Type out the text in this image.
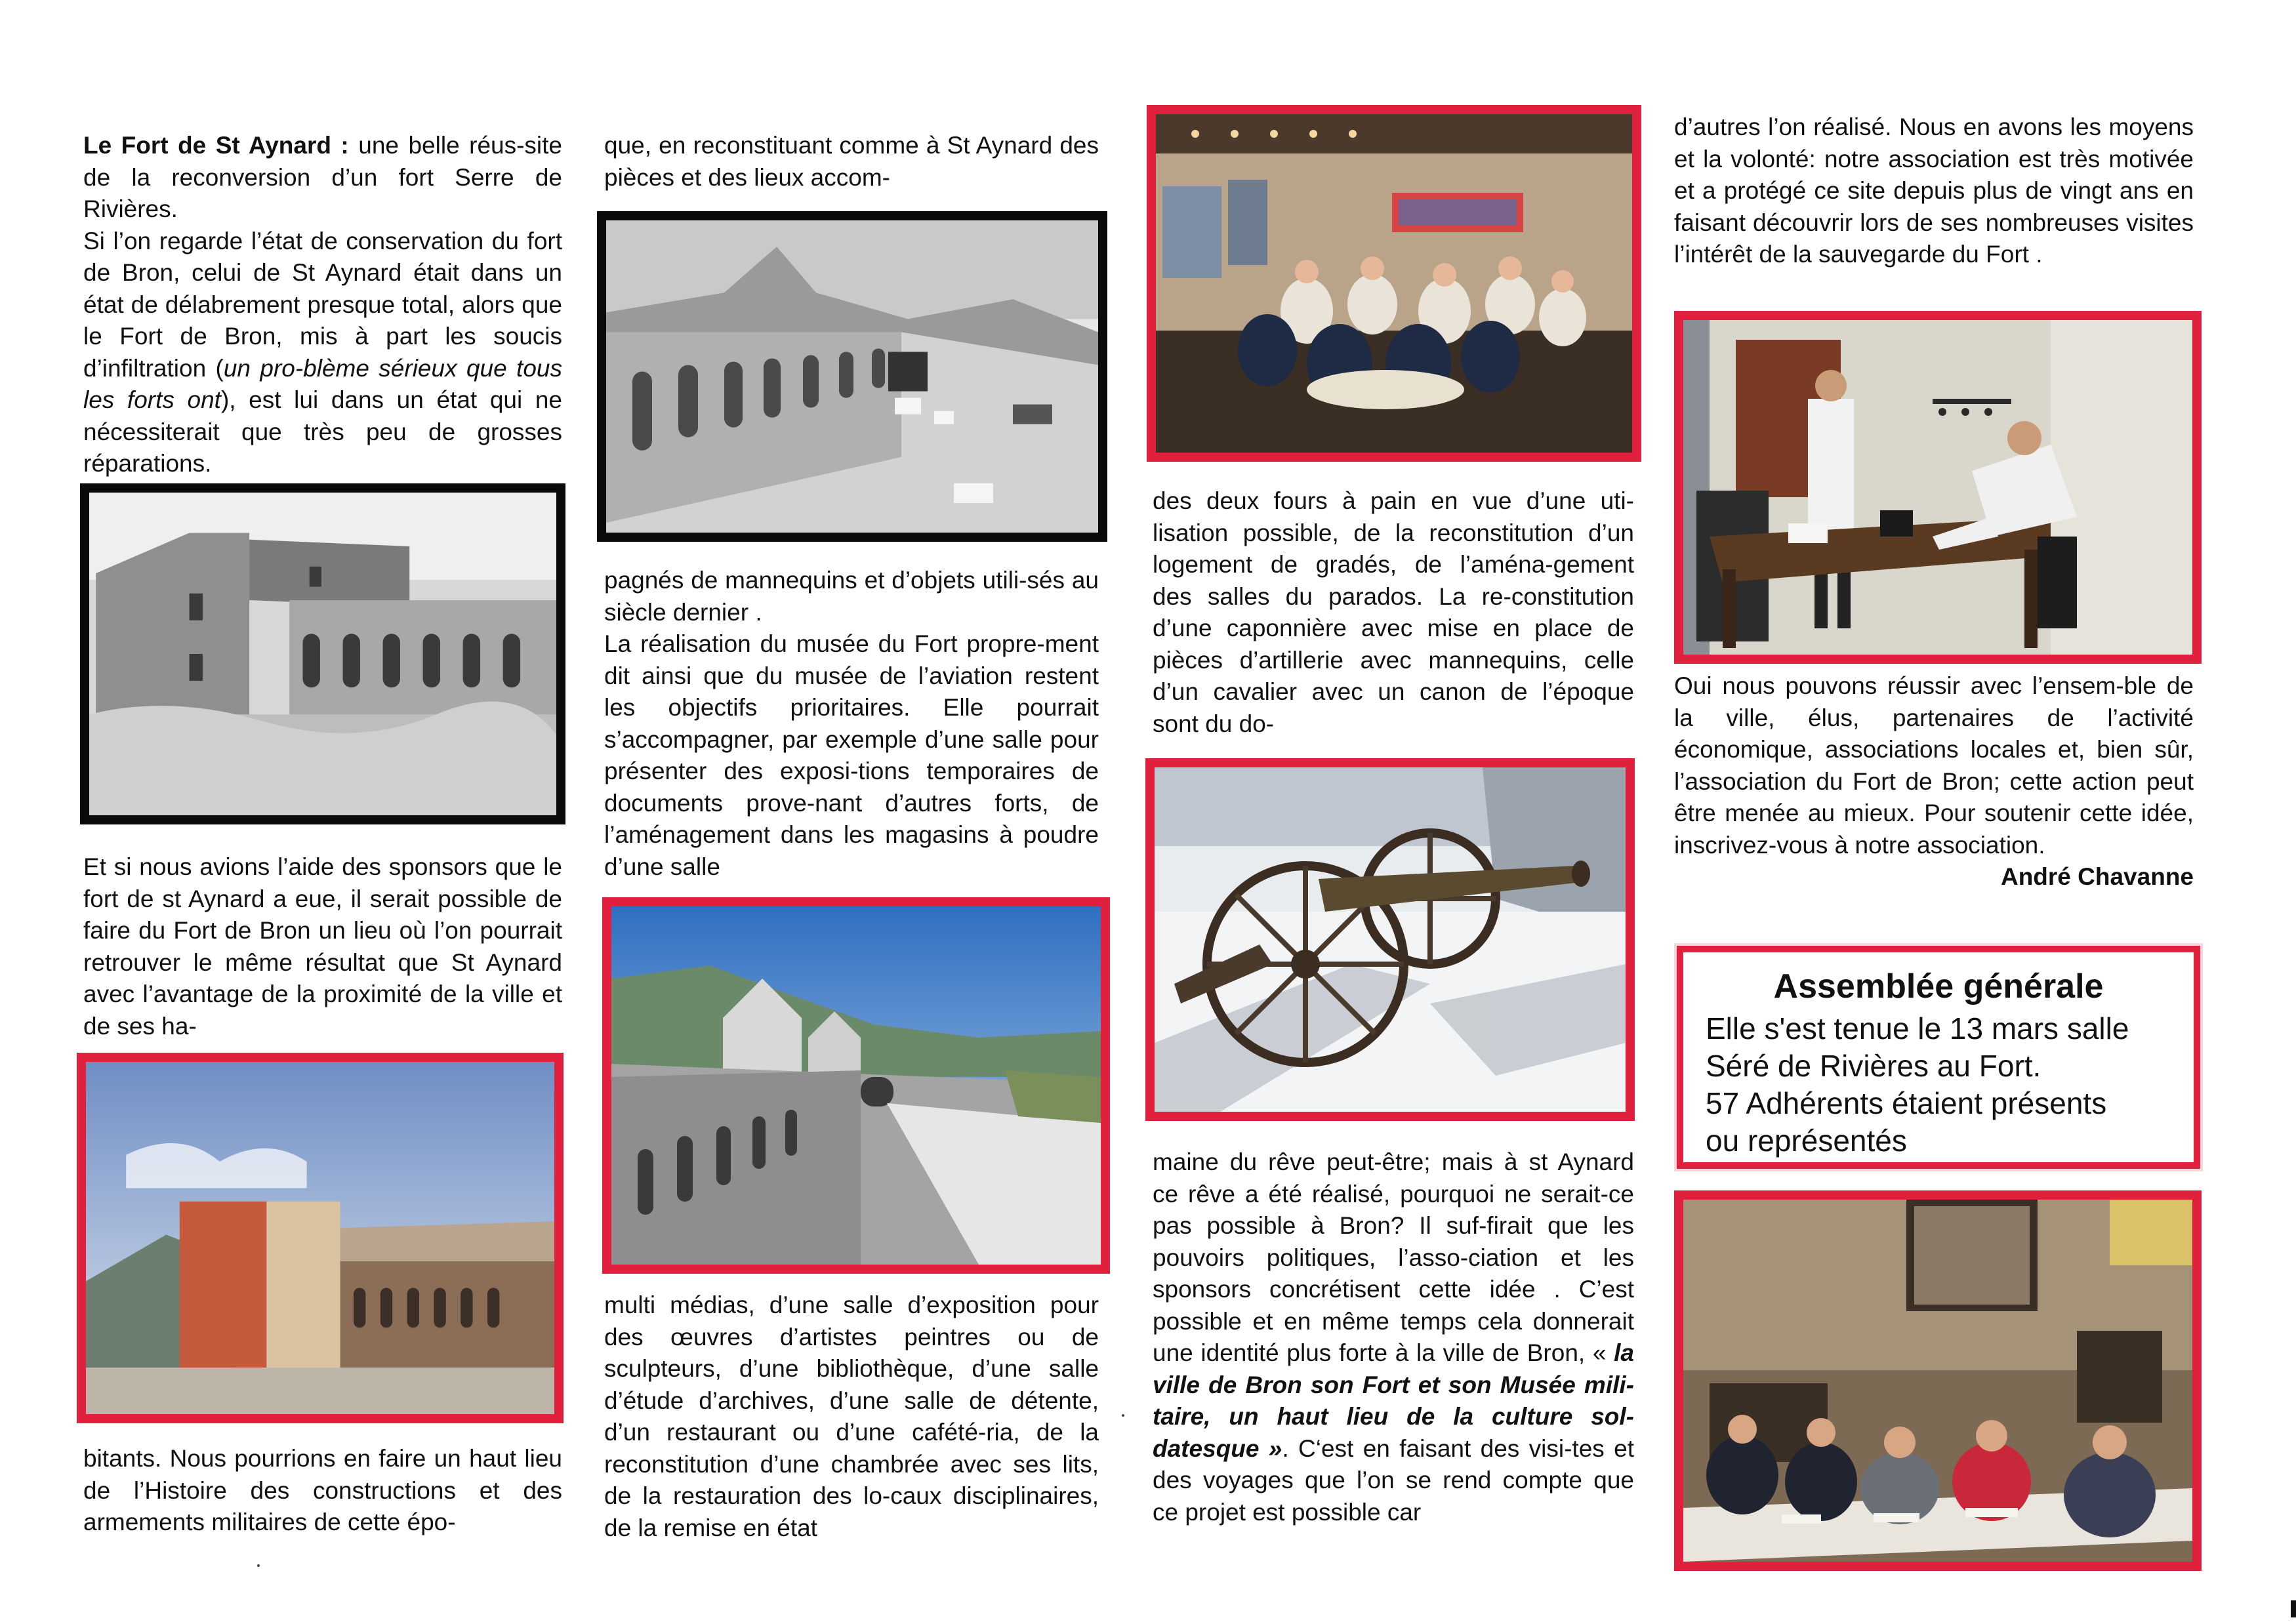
Le Fort de St Aynard : une belle réus-site de la reconversion d’un fort Serre de Rivières.

Si l’on regarde l’état de conservation du fort de Bron, celui de St Aynard était dans un état de délabrement presque total, alors que le Fort de Bron, mis à part les soucis d’infiltration (un pro-blème sérieux que tous les forts ont), est lui dans un état qui ne nécessiterait que très peu de grosses réparations.

Et si nous avions l’aide des sponsors que le fort de st Aynard a eue, il serait possible de faire du Fort de Bron un lieu où l’on pourrait retrouver le même résultat que St Aynard avec l’avantage de la proximité de la ville et de ses ha-

bitants. Nous pourrions en faire un haut lieu de l’Histoire des constructions et des armements militaires de cette épo-

que, en reconstituant comme à St Aynard des pièces et des lieux accom-

pagnés de mannequins et d’objets utili-sés au siècle dernier .

La réalisation du musée du Fort propre-ment dit ainsi que du musée de l’aviation restent les objectifs prioritaires. Elle pourrait s’accompagner, par exemple d’une salle pour présenter des exposi-tions temporaires de documents prove-nant d’autres forts, de l’aménagement dans les magasins à poudre d’une salle

multi médias, d’une salle d’exposition pour des œuvres d’artistes peintres ou de sculpteurs, d’une bibliothèque, d’une salle d’étude d’archives, d’une salle de détente, d’un restaurant ou d’une cafété-ria, de la reconstitution d’une chambrée avec ses lits, de la restauration des lo-caux disciplinaires, de la remise en état

des deux fours à pain en vue d’une uti-lisation possible, de la reconstitution d’un logement de gradés, de l’aména-gement des salles du parados. La re-constitution d’une caponnière avec mise en place de pièces d’artillerie avec mannequins, celle d’un cavalier avec un canon de l’époque sont du do-

maine du rêve peut-être; mais à st Aynard ce rêve a été réalisé, pourquoi ne serait-ce pas possible à Bron? Il suf-firait que les pouvoirs politiques, l’asso-ciation et les sponsors concrétisent cette idée . C’est possible et en même temps cela donnerait une identité plus forte à la ville de Bron, « la ville de Bron son Fort et son Musée mili-taire, un haut lieu de la culture sol-datesque ». C‘est en faisant des visi-tes et des voyages que l’on se rend compte que ce projet est possible car

d’autres l’on réalisé. Nous en avons les moyens et la volonté: notre association est très motivée et a protégé ce site depuis plus de vingt ans en faisant découvrir lors de ses nombreuses visites l’intérêt de la sauvegarde du Fort .

Oui nous pouvons réussir avec l’ensem-ble de la ville, élus, partenaires de l’activité économique, associations locales et, bien sûr, l’association du Fort de Bron; cette action peut être menée au mieux. Pour soutenir cette idée, inscrivez-vous à notre association.
André Chavanne

Assemblée générale
Elle s'est tenue le 13 mars salle
Séré de Rivières au Fort.
57 Adhérents étaient présents
ou représentés
